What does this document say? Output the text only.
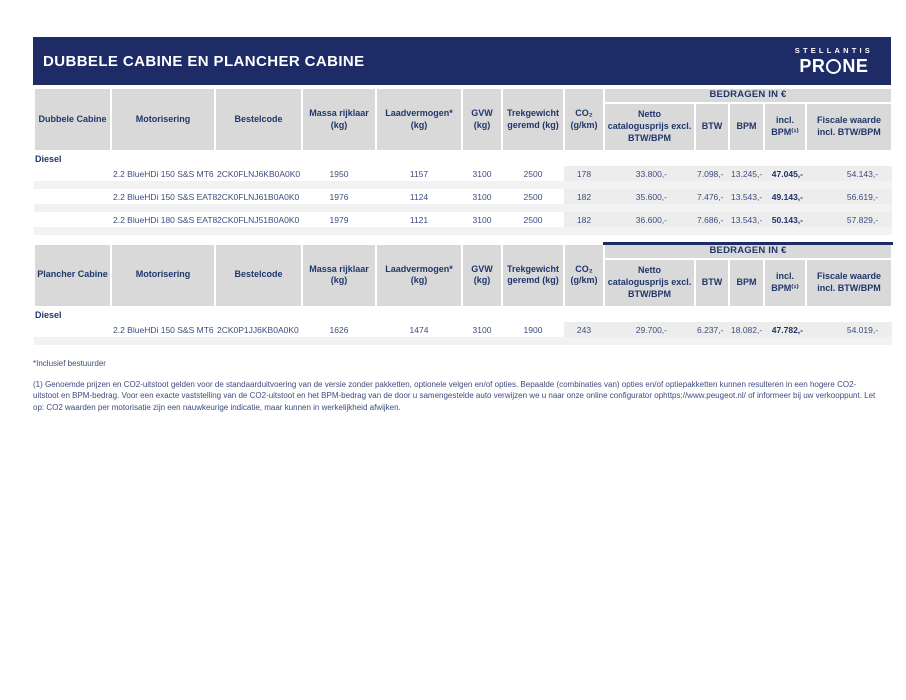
DUBBELE CABINE EN PLANCHER CABINE
STELLANTIS
PR NE
Dubbele Cabine	Motorisering	Bestelcode	Massa rijklaar (kg)	Laadvermogen* (kg)	GVW (kg)	Trekgewicht geremd (kg)	CO₂ (g/km)	BEDRAGEN IN €				
								Netto catalogusprijs excl. BTW/BPM	BTW	BPM	incl. BPM⁽¹⁾	Fiscale waarde incl. BTW/BPM
Diesel												
	2.2 BlueHDi 150 S&S MT6	2CK0FLNJ6KB0A0K0	1950	1157	3100	2500	178	33.800,-	7.098,-	13.245,-	47.045,-	54.143,-

	2.2 BlueHDi 150 S&S EAT8	2CK0FLNJ61B0A0K0	1976	1124	3100	2500	182	35.600,-	7.476,-	13.543,-	49.143,-	56.619,-

	2.2 BlueHDi 180 S&S EAT8	2CK0FLNJ51B0A0K0	1979	1121	3100	2500	182	36.600,-	7.686,-	13.543,-	50.143,-	57.829,-

Plancher Cabine	Motorisering	Bestelcode	Massa rijklaar (kg)	Laadvermogen* (kg)	GVW (kg)	Trekgewicht geremd (kg)	CO₂ (g/km)	BEDRAGEN IN €				
								Netto catalogusprijs excl. BTW/BPM	BTW	BPM	incl. BPM⁽¹⁾	Fiscale waarde incl. BTW/BPM
Diesel												
	2.2 BlueHDi 150 S&S MT6	2CK0P1JJ6KB0A0K0	1626	1474	3100	1900	243	29.700,-	6.237,-	18.082,-	47.782,-	54.019,-

*Inclusief bestuurder
(1) Genoemde prijzen en CO2-uitstoot gelden voor de standaarduitvoering van de versie zonder pakketten, optionele velgen en/of opties. Bepaalde (combinaties van) opties en/of optiepakketten kunnen resulteren in een hogere CO2-uitstoot en BPM-bedrag. Voor een exacte vaststelling van de CO2-uitstoot en het BPM-bedrag van de door u samengestelde auto verwijzen we u naar onze online configurator ophttps://www.peugeot.nl/ of informeer bij uw verkooppunt. Let op: CO2 waarden per motorisatie zijn een nauwkeurige indicatie, maar kunnen in werkelijkheid afwijken.
